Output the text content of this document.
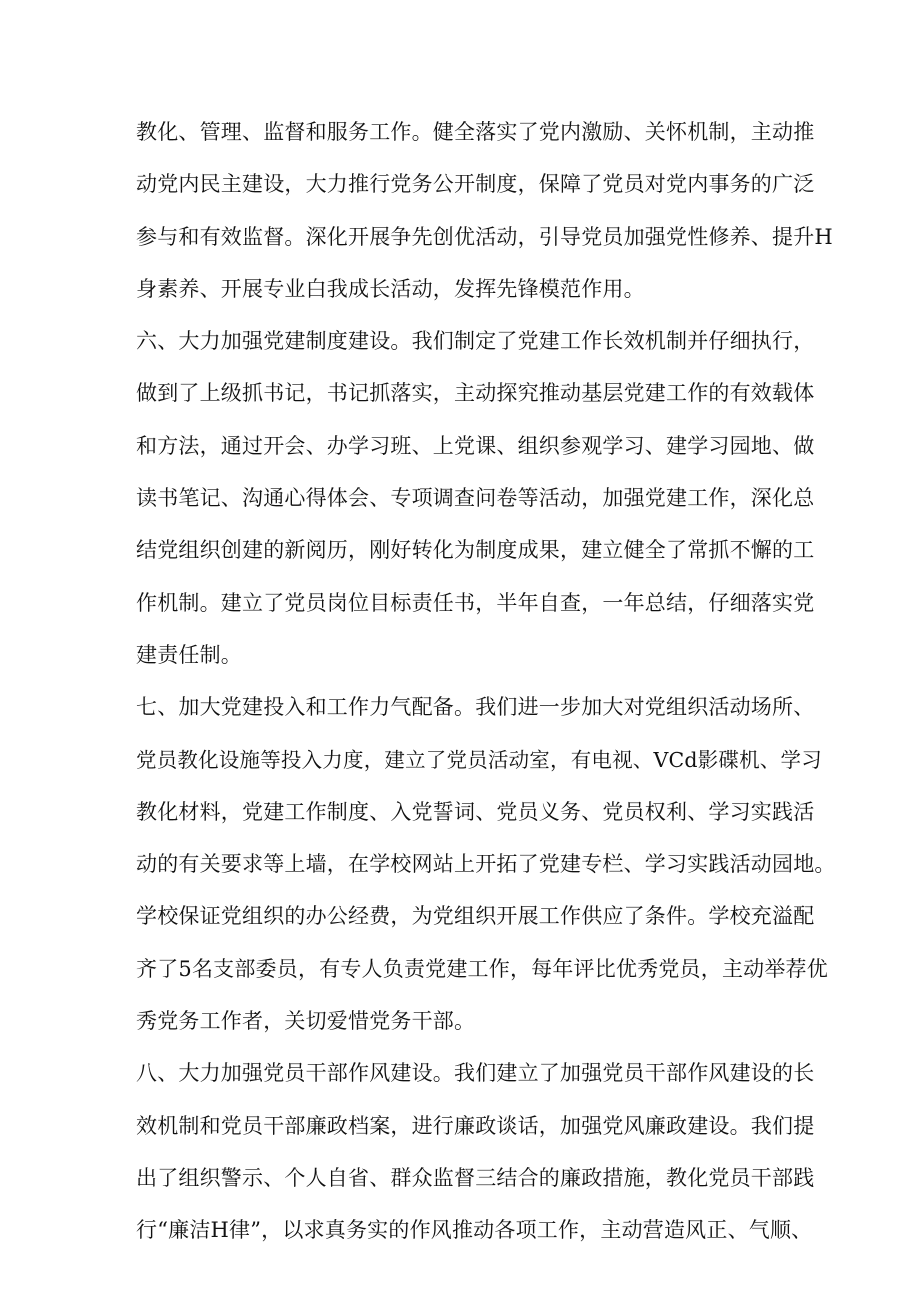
教化、管理、监督和服务工作。健全落实了党内激励、关怀机制，主动推
动党内民主建设，大力推行党务公开制度，保障了党员对党内事务的广泛
参与和有效监督。深化开展争先创优活动，引导党员加强党性修养、提升H
身素养、开展专业白我成长活动，发挥先锋模范作用。
六、大力加强党建制度建设。我们制定了党建工作长效机制并仔细执行，
做到了上级抓书记，书记抓落实，主动探究推动基层党建工作的有效载体
和方法，通过开会、办学习班、上党课、组织参观学习、建学习园地、做
读书笔记、沟通心得体会、专项调查问卷等活动，加强党建工作，深化总
结党组织创建的新阅历，刚好转化为制度成果，建立健全了常抓不懈的工
作机制。建立了党员岗位目标责任书，半年自查，一年总结，仔细落实党
建责任制。
七、加大党建投入和工作力气配备。我们进一步加大对党组织活动场所、
党员教化设施等投入力度，建立了党员活动室，有电视、VCd影碟机、学习
教化材料，党建工作制度、入党誓词、党员义务、党员权利、学习实践活
动的有关要求等上墙，在学校网站上开拓了党建专栏、学习实践活动园地。
学校保证党组织的办公经费，为党组织开展工作供应了条件。学校充溢配
齐了5名支部委员，有专人负责党建工作，每年评比优秀党员，主动举荐优
秀党务工作者，关切爱惜党务干部。
八、大力加强党员干部作风建设。我们建立了加强党员干部作风建设的长
效机制和党员干部廉政档案，进行廉政谈话，加强党风廉政建设。我们提
出了组织警示、个人自省、群众监督三结合的廉政措施，教化党员干部践
行“廉洁H律”，以求真务实的作风推动各项工作，主动营造风正、气顺、
